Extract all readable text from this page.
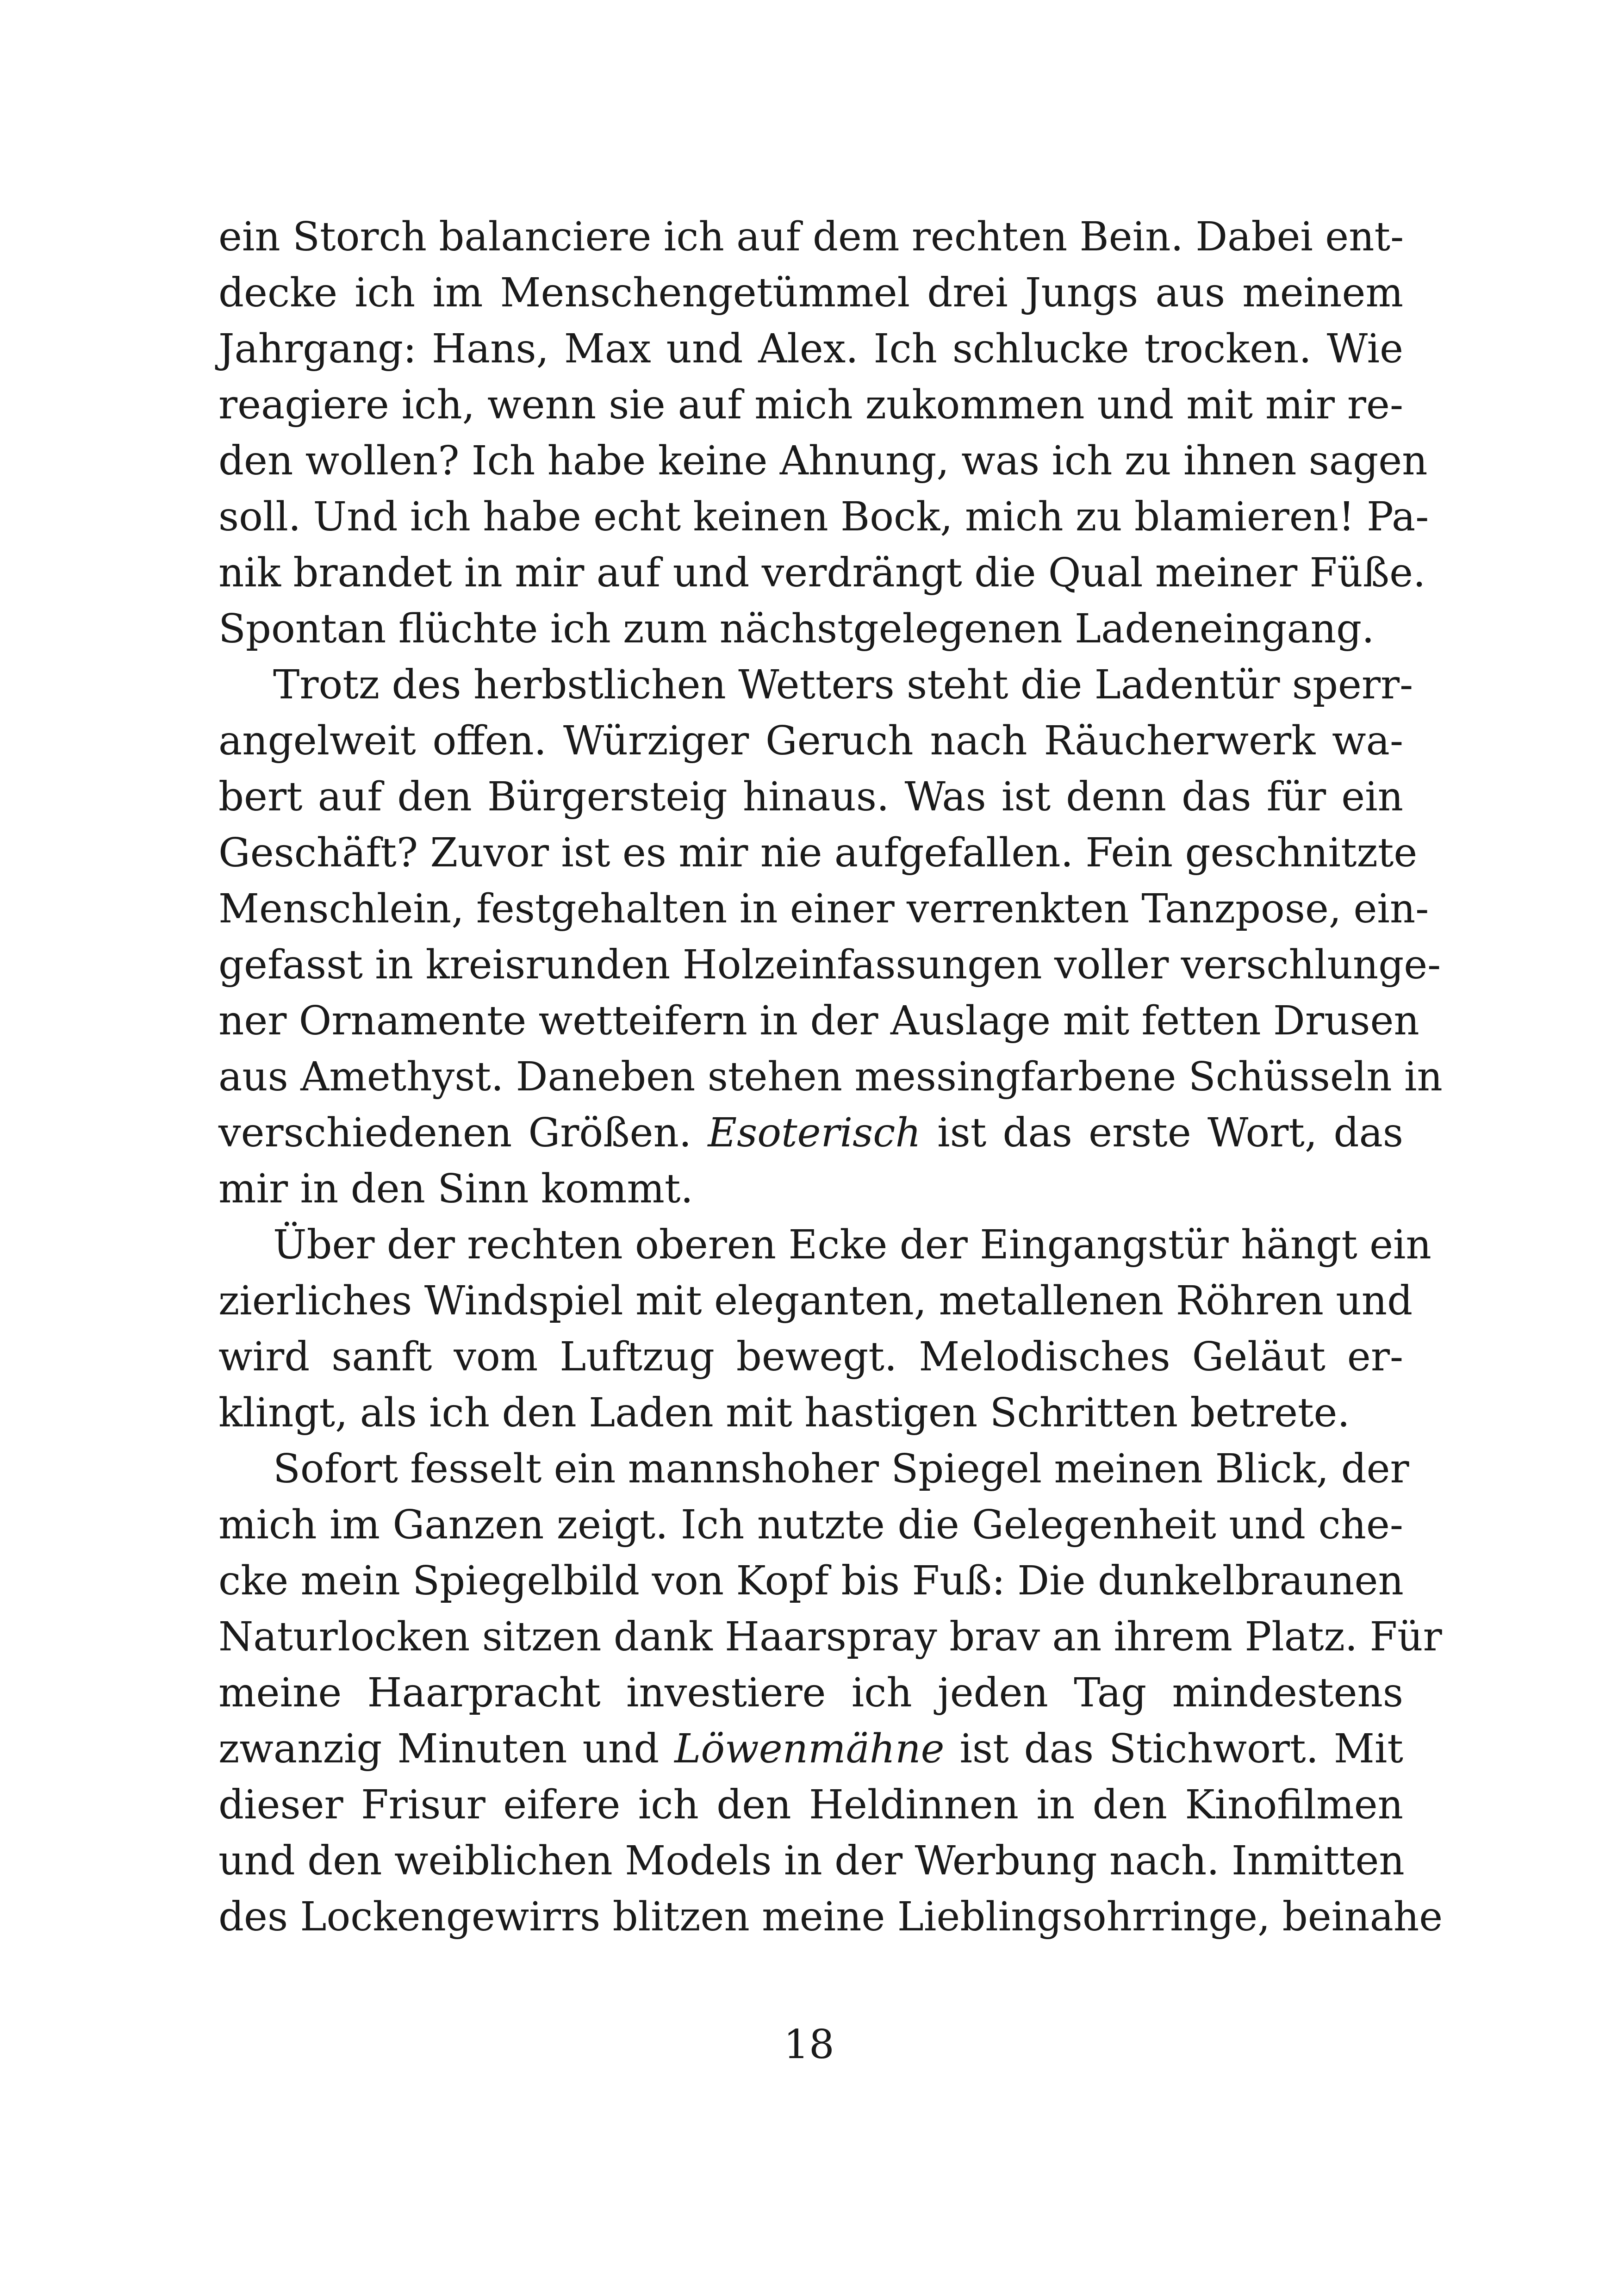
ein Storch balanciere ich auf dem rechten Bein. Dabei ent-
decke ich im Menschengetümmel drei Jungs aus meinem
Jahrgang: Hans, Max und Alex. Ich schlucke trocken. Wie
reagiere ich, wenn sie auf mich zukommen und mit mir re-
den wollen? Ich habe keine Ahnung, was ich zu ihnen sagen
soll. Und ich habe echt keinen Bock, mich zu blamieren! Pa-
nik brandet in mir auf und verdrängt die Qual meiner Füße.
Spontan flüchte ich zum nächstgelegenen Ladeneingang.
Trotz des herbstlichen Wetters steht die Ladentür sperr-
angelweit offen. Würziger Geruch nach Räucherwerk wa-
bert auf den Bürgersteig hinaus. Was ist denn das für ein
Geschäft? Zuvor ist es mir nie aufgefallen. Fein geschnitzte
Menschlein, festgehalten in einer verrenkten Tanzpose, ein-
gefasst in kreisrunden Holzeinfassungen voller verschlunge-
ner Ornamente wetteifern in der Auslage mit fetten Drusen
aus Amethyst. Daneben stehen messingfarbene Schüsseln in
verschiedenen Größen. Esoterisch ist das erste Wort, das
mir in den Sinn kommt.
Über der rechten oberen Ecke der Eingangstür hängt ein
zierliches Windspiel mit eleganten, metallenen Röhren und
wird sanft vom Luftzug bewegt. Melodisches Geläut er-
klingt, als ich den Laden mit hastigen Schritten betrete.
Sofort fesselt ein mannshoher Spiegel meinen Blick, der
mich im Ganzen zeigt. Ich nutzte die Gelegenheit und che-
cke mein Spiegelbild von Kopf bis Fuß: Die dunkelbraunen
Naturlocken sitzen dank Haarspray brav an ihrem Platz. Für
meine Haarpracht investiere ich jeden Tag mindestens
zwanzig Minuten und Löwenmähne ist das Stichwort. Mit
dieser Frisur eifere ich den Heldinnen in den Kinofilmen
und den weiblichen Models in der Werbung nach. Inmitten
des Lockengewirrs blitzen meine Lieblingsohrringe, beinahe
18
